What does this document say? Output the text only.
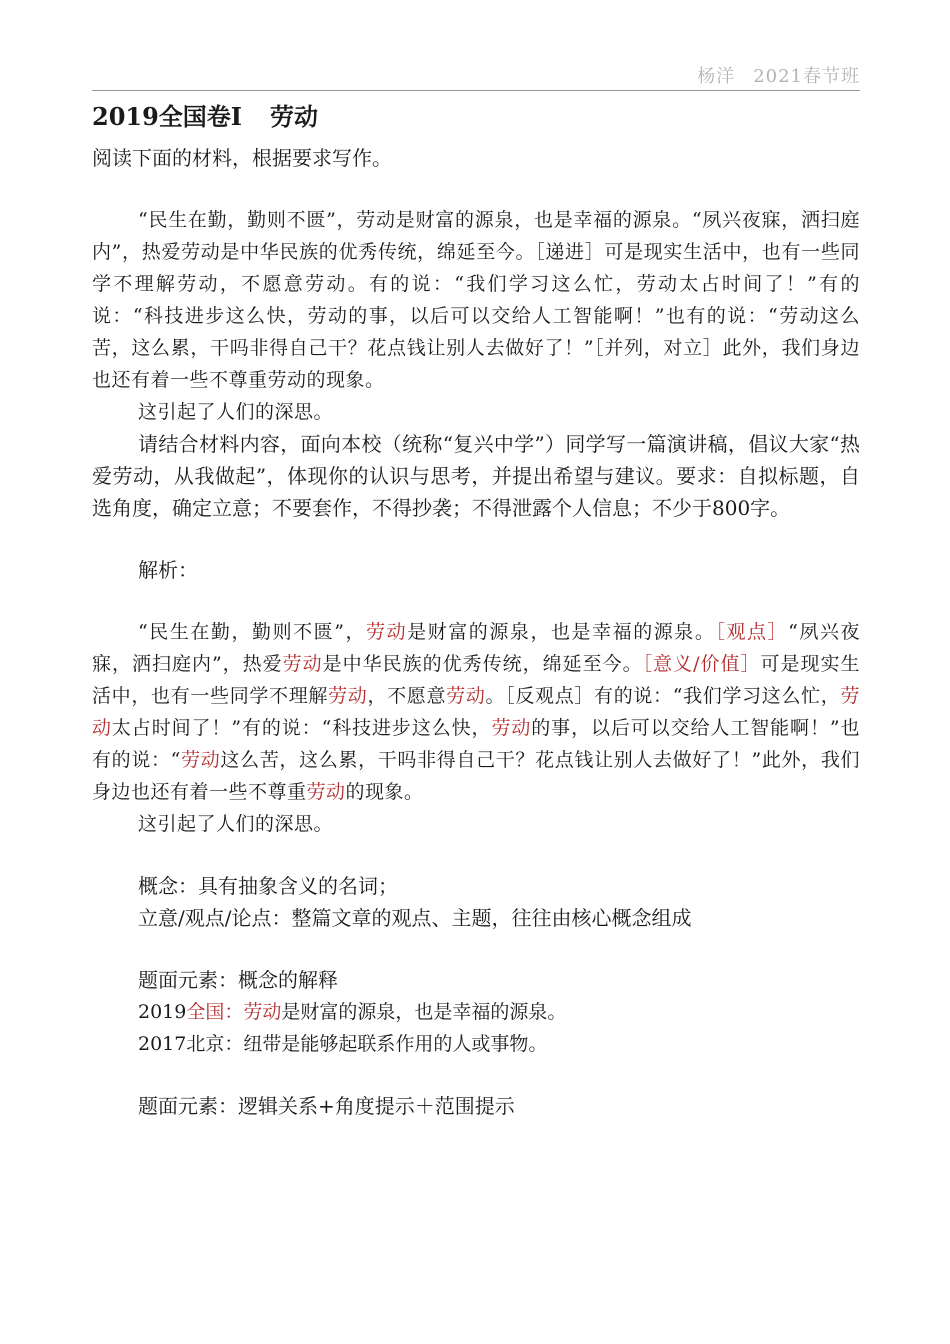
杨洋 2021春节班
2019全国卷I 劳动

阅读下面的材料，根据要求写作。

“民生在勤，勤则不匮”，劳动是财富的源泉，也是幸福的源泉。“夙兴夜寐，洒扫庭内”，热爱劳动是中华民族的优秀传统，绵延至今。［递进］可是现实生活中，也有一些同学不理解劳动，不愿意劳动。有的说：“我们学习这么忙，劳动太占时间了！”有的说：“科技进步这么快，劳动的事，以后可以交给人工智能啊！”也有的说：“劳动这么苦，这么累，干吗非得自己干？花点钱让别人去做好了！”［并列，对立］此外，我们身边也还有着一些不尊重劳动的现象。

这引起了人们的深思。

请结合材料内容，面向本校（统称“复兴中学”）同学写一篇演讲稿，倡议大家“热爱劳动，从我做起”，体现你的认识与思考，并提出希望与建议。要求：自拟标题，自选角度，确定立意；不要套作，不得抄袭；不得泄露个人信息；不少于800字。

解析：

“民生在勤，勤则不匮”，劳动是财富的源泉，也是幸福的源泉。［观点］“夙兴夜寐，洒扫庭内”，热爱劳动是中华民族的优秀传统，绵延至今。［意义/价值］可是现实生活中，也有一些同学不理解劳动，不愿意劳动。［反观点］有的说：“我们学习这么忙，劳动太占时间了！”有的说：“科技进步这么快，劳动的事，以后可以交给人工智能啊！”也有的说：“劳动这么苦，这么累，干吗非得自己干？花点钱让别人去做好了！”此外，我们身边也还有着一些不尊重劳动的现象。

这引起了人们的深思。

概念：具有抽象含义的名词；

立意/观点/论点：整篇文章的观点、主题，往往由核心概念组成

题面元素：概念的解释

2019全国：劳动是财富的源泉，也是幸福的源泉。

2017北京：纽带是能够起联系作用的人或事物。

题面元素：逻辑关系+角度提示＋范围提示
